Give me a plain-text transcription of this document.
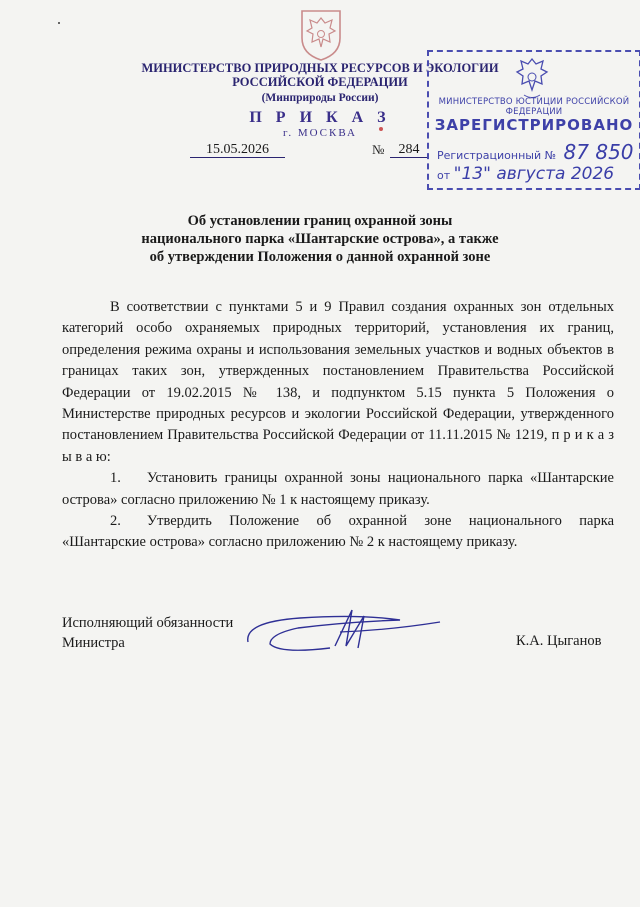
МИНИСТЕРСТВО ПРИРОДНЫХ РЕСУРСОВ И ЭКОЛОГИИ
РОССИЙСКОЙ ФЕДЕРАЦИИ
(Минприроды России)
П Р И К А З
г. МОСКВА
15.05.2026	№	284
МИНИСТЕРСТВО ЮСТИЦИИ РОССИЙСКОЙ ФЕДЕРАЦИИ
ЗАРЕГИСТРИРОВАНО
Регистрационный № 87 850
от "13" августа 2026
Об установлении границ охранной зоны
национального парка «Шантарские острова», а также
об утверждении Положения о данной охранной зоне
В соответствии с пунктами 5 и 9 Правил создания охранных зон отдельных категорий особо охраняемых природных территорий, установления их границ, определения режима охраны и использования земельных участков и водных объектов в границах таких зон, утвержденных постановлением Правительства Российской Федерации от 19.02.2015 № 138, и подпунктом 5.15 пункта 5 Положения о Министерстве природных ресурсов и экологии Российской Федерации, утвержденного постановлением Правительства Российской Федерации от 11.11.2015 № 1219, п р и к а з ы в а ю:
1. Установить границы охранной зоны национального парка «Шантарские острова» согласно приложению № 1 к настоящему приказу.
2. Утвердить Положение об охранной зоне национального парка «Шантарские острова» согласно приложению № 2 к настоящему приказу.
Исполняющий обязанности
Министра	К.А. Цыганов
